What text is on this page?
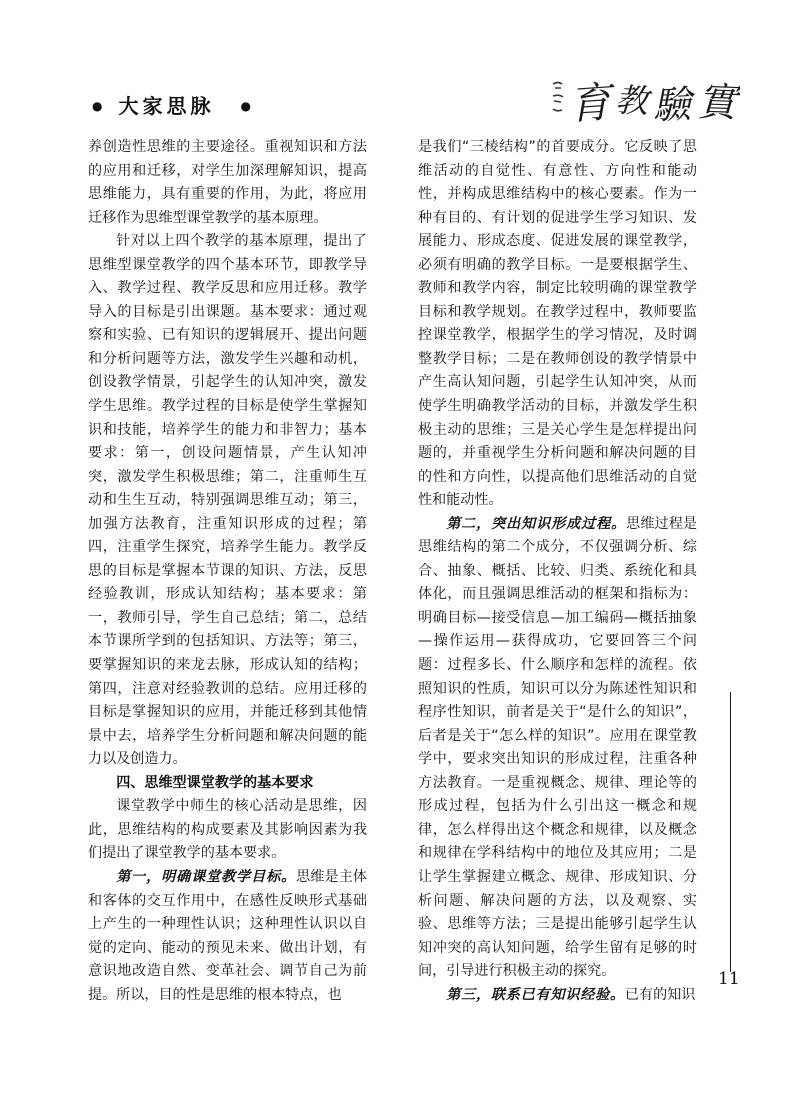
● 大家思脉 ●	育 教 驗 實

养创造性思维的主要途径。重视知识和方法的应用和迁移，对学生加深理解知识，提高思维能力，具有重要的作用，为此，将应用迁移作为思维型课堂教学的基本原理。

针对以上四个教学的基本原理，提出了思维型课堂教学的四个基本环节，即教学导入、教学过程、教学反思和应用迁移。教学导入的目标是引出课题。基本要求：通过观察和实验、已有知识的逻辑展开、提出问题和分析问题等方法，激发学生兴趣和动机，创设教学情景，引起学生的认知冲突，激发学生思维。教学过程的目标是使学生掌握知识和技能，培养学生的能力和非智力；基本要求：第一，创设问题情景，产生认知冲突，激发学生积极思维；第二，注重师生互动和生生互动，特别强调思维互动；第三，加强方法教育，注重知识形成的过程；第四，注重学生探究，培养学生能力。教学反思的目标是掌握本节课的知识、方法，反思经验教训，形成认知结构；基本要求：第一，教师引导，学生自己总结；第二，总结本节课所学到的包括知识、方法等；第三，要掌握知识的来龙去脉，形成认知的结构；第四，注意对经验教训的总结。应用迁移的目标是掌握知识的应用，并能迁移到其他情景中去，培养学生分析问题和解决问题的能力以及创造力。

四、思维型课堂教学的基本要求

课堂教学中师生的核心活动是思维，因此，思维结构的构成要素及其影响因素为我们提出了课堂教学的基本要求。

第一，明确课堂教学目标。思维是主体和客体的交互作用中，在感性反映形式基础上产生的一种理性认识；这种理性认识以自觉的定向、能动的预见未来、做出计划，有意识地改造自然、变革社会、调节自己为前提。所以，目的性是思维的根本特点，也

是我们“三棱结构”的首要成分。它反映了思维活动的自觉性、有意性、方向性和能动性，并构成思维结构中的核心要素。作为一种有目的、有计划的促进学生学习知识、发展能力、形成态度、促进发展的课堂教学，必须有明确的教学目标。一是要根据学生、教师和教学内容，制定比较明确的课堂教学目标和教学规划。在教学过程中，教师要监控课堂教学，根据学生的学习情况，及时调整教学目标；二是在教师创设的教学情景中产生高认知问题，引起学生认知冲突，从而使学生明确教学活动的目标，并激发学生积极主动的思维；三是关心学生是怎样提出问题的，并重视学生分析问题和解决问题的目的性和方向性，以提高他们思维活动的自觉性和能动性。

第二，突出知识形成过程。思维过程是思维结构的第二个成分，不仅强调分析、综合、抽象、概括、比较、归类、系统化和具体化，而且强调思维活动的框架和指标为：明确目标—接受信息—加工编码—概括抽象—操作运用—获得成功，它要回答三个问题：过程多长、什么顺序和怎样的流程。依照知识的性质，知识可以分为陈述性知识和程序性知识，前者是关于“是什么的知识”，后者是关于“怎么样的知识”。应用在课堂教学中，要求突出知识的形成过程，注重各种方法教育。一是重视概念、规律、理论等的形成过程，包括为什么引出这一概念和规律，怎么样得出这个概念和规律，以及概念和规律在学科结构中的地位及其应用；二是让学生掌握建立概念、规律、形成知识、分析问题、解决问题的方法，以及观察、实验、思维等方法；三是提出能够引起学生认知冲突的高认知问题，给学生留有足够的时间，引导进行积极主动的探究。

第三，联系已有知识经验。已有的知识

11
